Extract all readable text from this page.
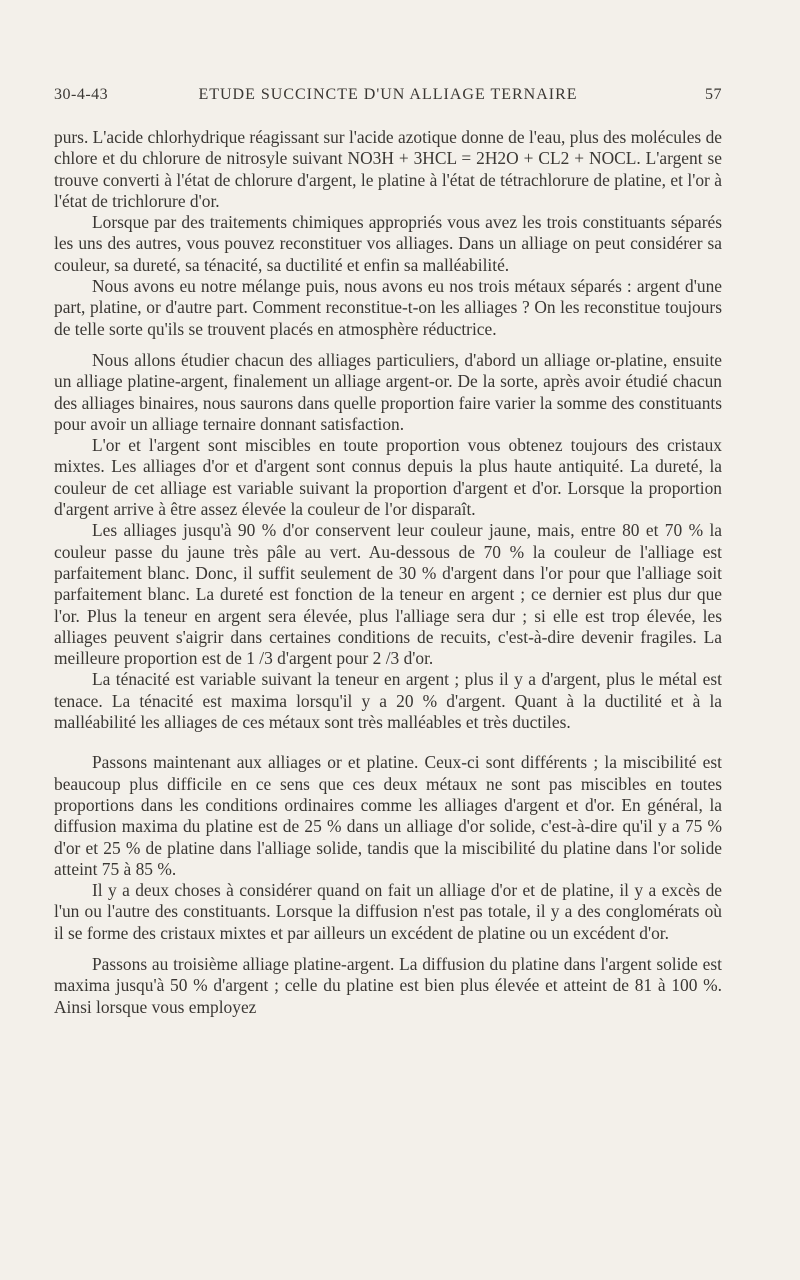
30-4-43	ETUDE SUCCINCTE D'UN ALLIAGE TERNAIRE	57

purs. L'acide chlorhydrique réagissant sur l'acide azotique donne de l'eau, plus des molécules de chlore et du chlorure de nitrosyle suivant NO3H + 3HCL = 2H2O + CL2 + NOCL. L'argent se trouve converti à l'état de chlorure d'argent, le platine à l'état de tétrachlorure de platine, et l'or à l'état de trichlorure d'or.

Lorsque par des traitements chimiques appropriés vous avez les trois constituants séparés les uns des autres, vous pouvez reconstituer vos alliages. Dans un alliage on peut considérer sa couleur, sa dureté, sa ténacité, sa ductilité et enfin sa malléabilité.

Nous avons eu notre mélange puis, nous avons eu nos trois métaux séparés : argent d'une part, platine, or d'autre part. Comment reconstitue-t-on les alliages ? On les reconstitue toujours de telle sorte qu'ils se trouvent placés en atmosphère réductrice.

Nous allons étudier chacun des alliages particuliers, d'abord un alliage or-platine, ensuite un alliage platine-argent, finalement un alliage argent-or. De la sorte, après avoir étudié chacun des alliages binaires, nous saurons dans quelle proportion faire varier la somme des constituants pour avoir un alliage ternaire donnant satisfaction.

L'or et l'argent sont miscibles en toute proportion vous obtenez toujours des cristaux mixtes. Les alliages d'or et d'argent sont connus depuis la plus haute antiquité. La dureté, la couleur de cet alliage est variable suivant la proportion d'argent et d'or. Lorsque la proportion d'argent arrive à être assez élevée la couleur de l'or disparaît.

Les alliages jusqu'à 90 % d'or conservent leur couleur jaune, mais, entre 80 et 70 % la couleur passe du jaune très pâle au vert. Au-dessous de 70 % la couleur de l'alliage est parfaitement blanc. Donc, il suffit seulement de 30 % d'argent dans l'or pour que l'alliage soit parfaitement blanc. La dureté est fonction de la teneur en argent ; ce dernier est plus dur que l'or. Plus la teneur en argent sera élevée, plus l'alliage sera dur ; si elle est trop élevée, les alliages peuvent s'aigrir dans certaines conditions de recuits, c'est-à-dire devenir fragiles. La meilleure proportion est de 1 /3 d'argent pour 2 /3 d'or.

La ténacité est variable suivant la teneur en argent ; plus il y a d'argent, plus le métal est tenace. La ténacité est maxima lorsqu'il y a 20 % d'argent. Quant à la ductilité et à la malléabilité les alliages de ces métaux sont très malléables et très ductiles.

Passons maintenant aux alliages or et platine. Ceux-ci sont différents ; la miscibilité est beaucoup plus difficile en ce sens que ces deux métaux ne sont pas miscibles en toutes proportions dans les conditions ordinaires comme les alliages d'argent et d'or. En général, la diffusion maxima du platine est de 25 % dans un alliage d'or solide, c'est-à-dire qu'il y a 75 % d'or et 25 % de platine dans l'alliage solide, tandis que la miscibilité du platine dans l'or solide atteint 75 à 85 %.

Il y a deux choses à considérer quand on fait un alliage d'or et de platine, il y a excès de l'un ou l'autre des constituants. Lorsque la diffusion n'est pas totale, il y a des conglomérats où il se forme des cristaux mixtes et par ailleurs un excédent de platine ou un excédent d'or.

Passons au troisième alliage platine-argent. La diffusion du platine dans l'argent solide est maxima jusqu'à 50 % d'argent ; celle du platine est bien plus élevée et atteint de 81 à 100 %. Ainsi lorsque vous employez
